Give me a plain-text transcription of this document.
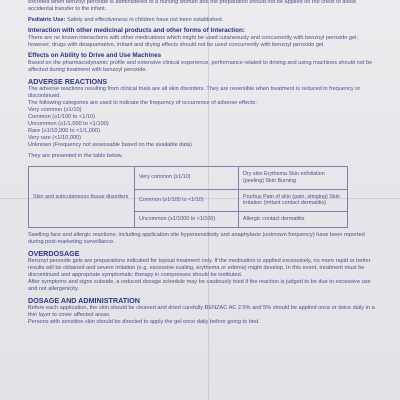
excreted when benzoyl peroxide is administered to a nursing woman and the preparation should not be applied on the chest to avoid

accidental transfer to the infant.

Pediatric Use: Safety and effectiveness in children have not been established.

Interaction with other medicinal products and other forms of Interaction:

There are no known interactions with other medications which might be used cutaneously and concurrently with benzoyl peroxide gel; however, drugs with desquamative, irritant and drying effects should not be used concurrently with benzoyl peroxide gel.

Effects on Ability to Drive and Use Machines

Based on the pharmacodynamic profile and extensive clinical experience, performance related to driving and using machines should not be affected during treatment with benzoyl peroxide.

ADVERSE REACTIONS

The adverse reactions resulting from clinical trials are all skin disorders. They are reversible when treatment is reduced in frequency or discontinued.

The following categories are used to indicate the frequency of occurrence of adverse effects:

Very common (≥1/10)

Common (≥1/100 to <1/10)

Uncommon (≥1/1,000 to <1/100)

Rare (≥1/10,000 to <1/1,000)

Very rare (<1/10,000)

Unknown (Frequency not assessable based on the available data)

They are presented in the table below.

Skin and subcutaneous tissue disorders	Very common (≥1/10)	Dry skin Erythema Skin exfoliation (peeling) Skin Burning
	Common (≥1/100 to <1/10)	Pruritus Pain of skin (pain, stinging) Skin irritation (irritant contact dermatitis)
	Uncommon (≥1/1000 to <1/100)	Allergic contact dermatitis

Swelling face and allergic reactions, including application site hypersensitivity and anaphylaxis (unknown frequency) have been reported during post-marketing surveillance.

OVERDOSAGE

Benzoyl peroxide gels are preparations indicated for topical treatment only. If the medication is applied excessively, no more rapid or better results will be obtained and severe irritation (e.g. excessive scaling, erythema or edema) might develop. In this event, treatment must be discontinued and appropriate symptomatic therapy in compresses should be instituted.

After symptoms and signs subside, a reduced dosage schedule may be cautiously tried if the reaction is judged to be due to excessive use and not allergenicity.

DOSAGE AND ADMINISTRATION

Before each application, the skin should be cleaned and dried carefully BENZAC AC 2.5% and 5% should be applied once or twice daily in a thin layer to cover affected areas.

Persons with sensitive skin should be directed to apply the gel once daily before going to bed.
